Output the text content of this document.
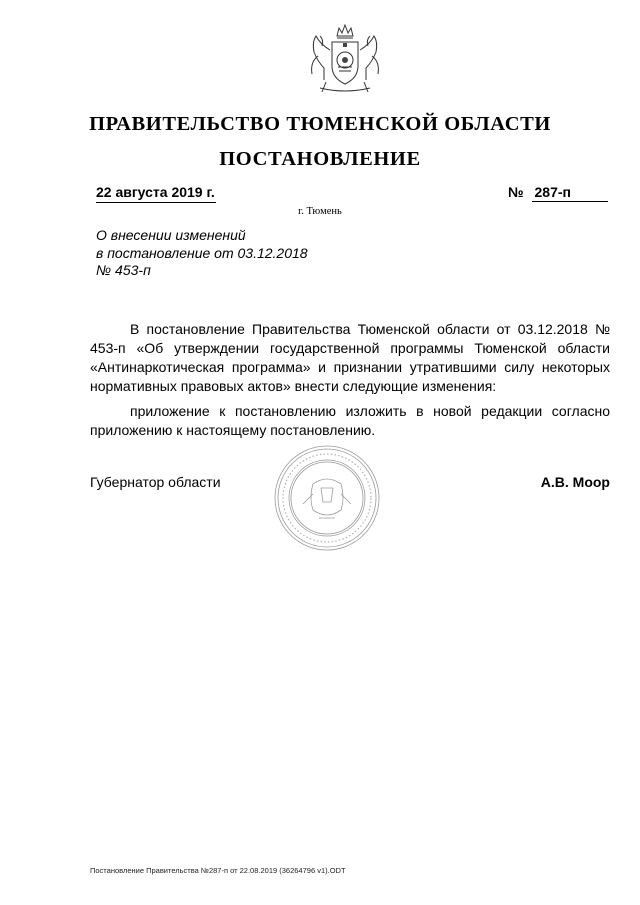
ПРАВИТЕЛЬСТВО ТЮМЕНСКОЙ ОБЛАСТИ
ПОСТАНОВЛЕНИЕ
22 августа 2019 г.	№ 287-п
г. Тюмень
О внесении изменений
в постановление от 03.12.2018
№ 453-п

В постановление Правительства Тюменской области от 03.12.2018 № 453-п «Об утверждении государственной программы Тюменской области «Антинаркотическая программа» и признании утратившими силу некоторых нормативных правовых актов» внести следующие изменения:

приложение к постановлению изложить в новой редакции согласно приложению к настоящему постановлению.

Губернатор области	А.В. Моор
Постановление Правительства №287-п от 22.08.2019 (36264796 v1).ODT
